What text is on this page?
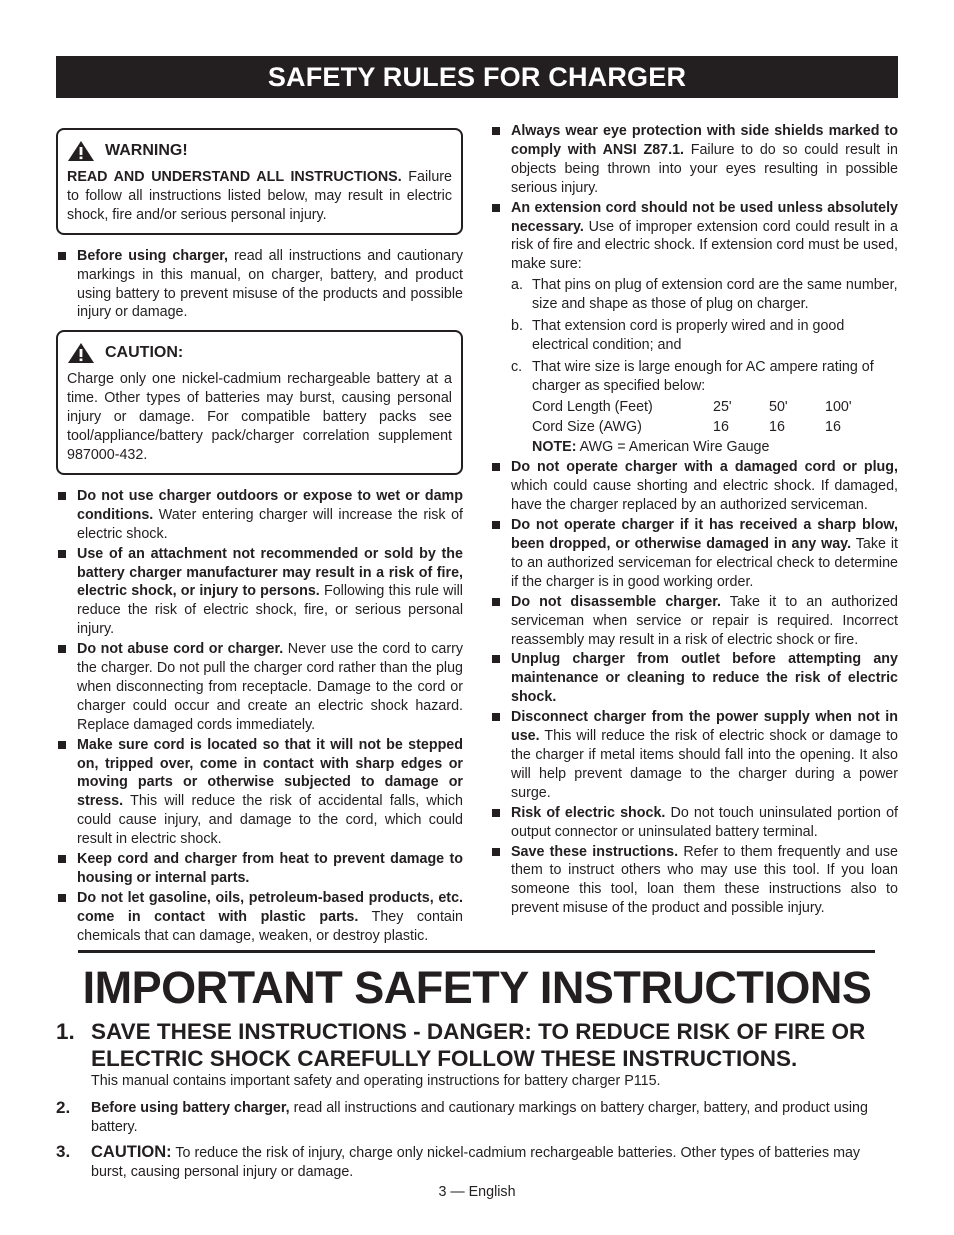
SAFETY RULES FOR CHARGER
WARNING!
READ AND UNDERSTAND ALL INSTRUCTIONS. Failure to follow all instructions listed below, may result in electric shock, fire and/or serious personal injury.
Before using charger, read all instructions and cautionary markings in this manual, on charger, battery, and product using battery to prevent misuse of the products and possible injury or damage.
CAUTION:
Charge only one nickel-cadmium rechargeable battery at a time. Other types of batteries may burst, causing personal injury or damage. For compatible battery packs see tool/appliance/battery pack/charger correlation supplement 987000-432.
Do not use charger outdoors or expose to wet or damp conditions. Water entering charger will increase the risk of electric shock.
Use of an attachment not recommended or sold by the battery charger manufacturer may result in a risk of fire, electric shock, or injury to persons. Following this rule will reduce the risk of electric shock, fire, or serious personal injury.
Do not abuse cord or charger. Never use the cord to carry the charger. Do not pull the charger cord rather than the plug when disconnecting from receptacle. Damage to the cord or charger could occur and create an electric shock hazard. Replace damaged cords immediately.
Make sure cord is located so that it will not be stepped on, tripped over, come in contact with sharp edges or moving parts or otherwise subjected to damage or stress. This will reduce the risk of accidental falls, which could cause injury, and damage to the cord, which could result in electric shock.
Keep cord and charger from heat to prevent damage to housing or internal parts.
Do not let gasoline, oils, petroleum-based products, etc. come in contact with plastic parts. They contain chemicals that can damage, weaken, or destroy plastic.
Always wear eye protection with side shields marked to comply with ANSI Z87.1. Failure to do so could result in objects being thrown into your eyes resulting in possible serious injury.
An extension cord should not be used unless absolutely necessary. Use of improper extension cord could result in a risk of fire and electric shock. If extension cord must be used, make sure:
a. That pins on plug of extension cord are the same number, size and shape as those of plug on charger.
b. That extension cord is properly wired and in good electrical condition; and
c. That wire size is large enough for AC ampere rating of charger as specified below:
Cord Length (Feet)	25'	50'	100'
Cord Size (AWG)	16	16	16
NOTE: AWG = American Wire Gauge
Do not operate charger with a damaged cord or plug, which could cause shorting and electric shock. If damaged, have the charger replaced by an authorized serviceman.
Do not operate charger if it has received a sharp blow, been dropped, or otherwise damaged in any way. Take it to an authorized serviceman for electrical check to determine if the charger is in good working order.
Do not disassemble charger. Take it to an authorized serviceman when service or repair is required. Incorrect reassembly may result in a risk of electric shock or fire.
Unplug charger from outlet before attempting any maintenance or cleaning to reduce the risk of electric shock.
Disconnect charger from the power supply when not in use. This will reduce the risk of electric shock or damage to the charger if metal items should fall into the opening. It also will help prevent damage to the charger during a power surge.
Risk of electric shock. Do not touch uninsulated portion of output connector or uninsulated battery terminal.
Save these instructions. Refer to them frequently and use them to instruct others who may use this tool. If you loan someone this tool, loan them these instructions also to prevent misuse of the product and possible injury.
IMPORTANT SAFETY INSTRUCTIONS
1. SAVE THESE INSTRUCTIONS - DANGER: TO REDUCE RISK OF FIRE OR ELECTRIC SHOCK CAREFULLY FOLLOW THESE INSTRUCTIONS.
This manual contains important safety and operating instructions for battery charger P115.
2. Before using battery charger, read all instructions and cautionary markings on battery charger, battery, and product using battery.
3. CAUTION: To reduce the risk of injury, charge only nickel-cadmium rechargeable batteries. Other types of batteries may burst, causing personal injury or damage.
3 — English
